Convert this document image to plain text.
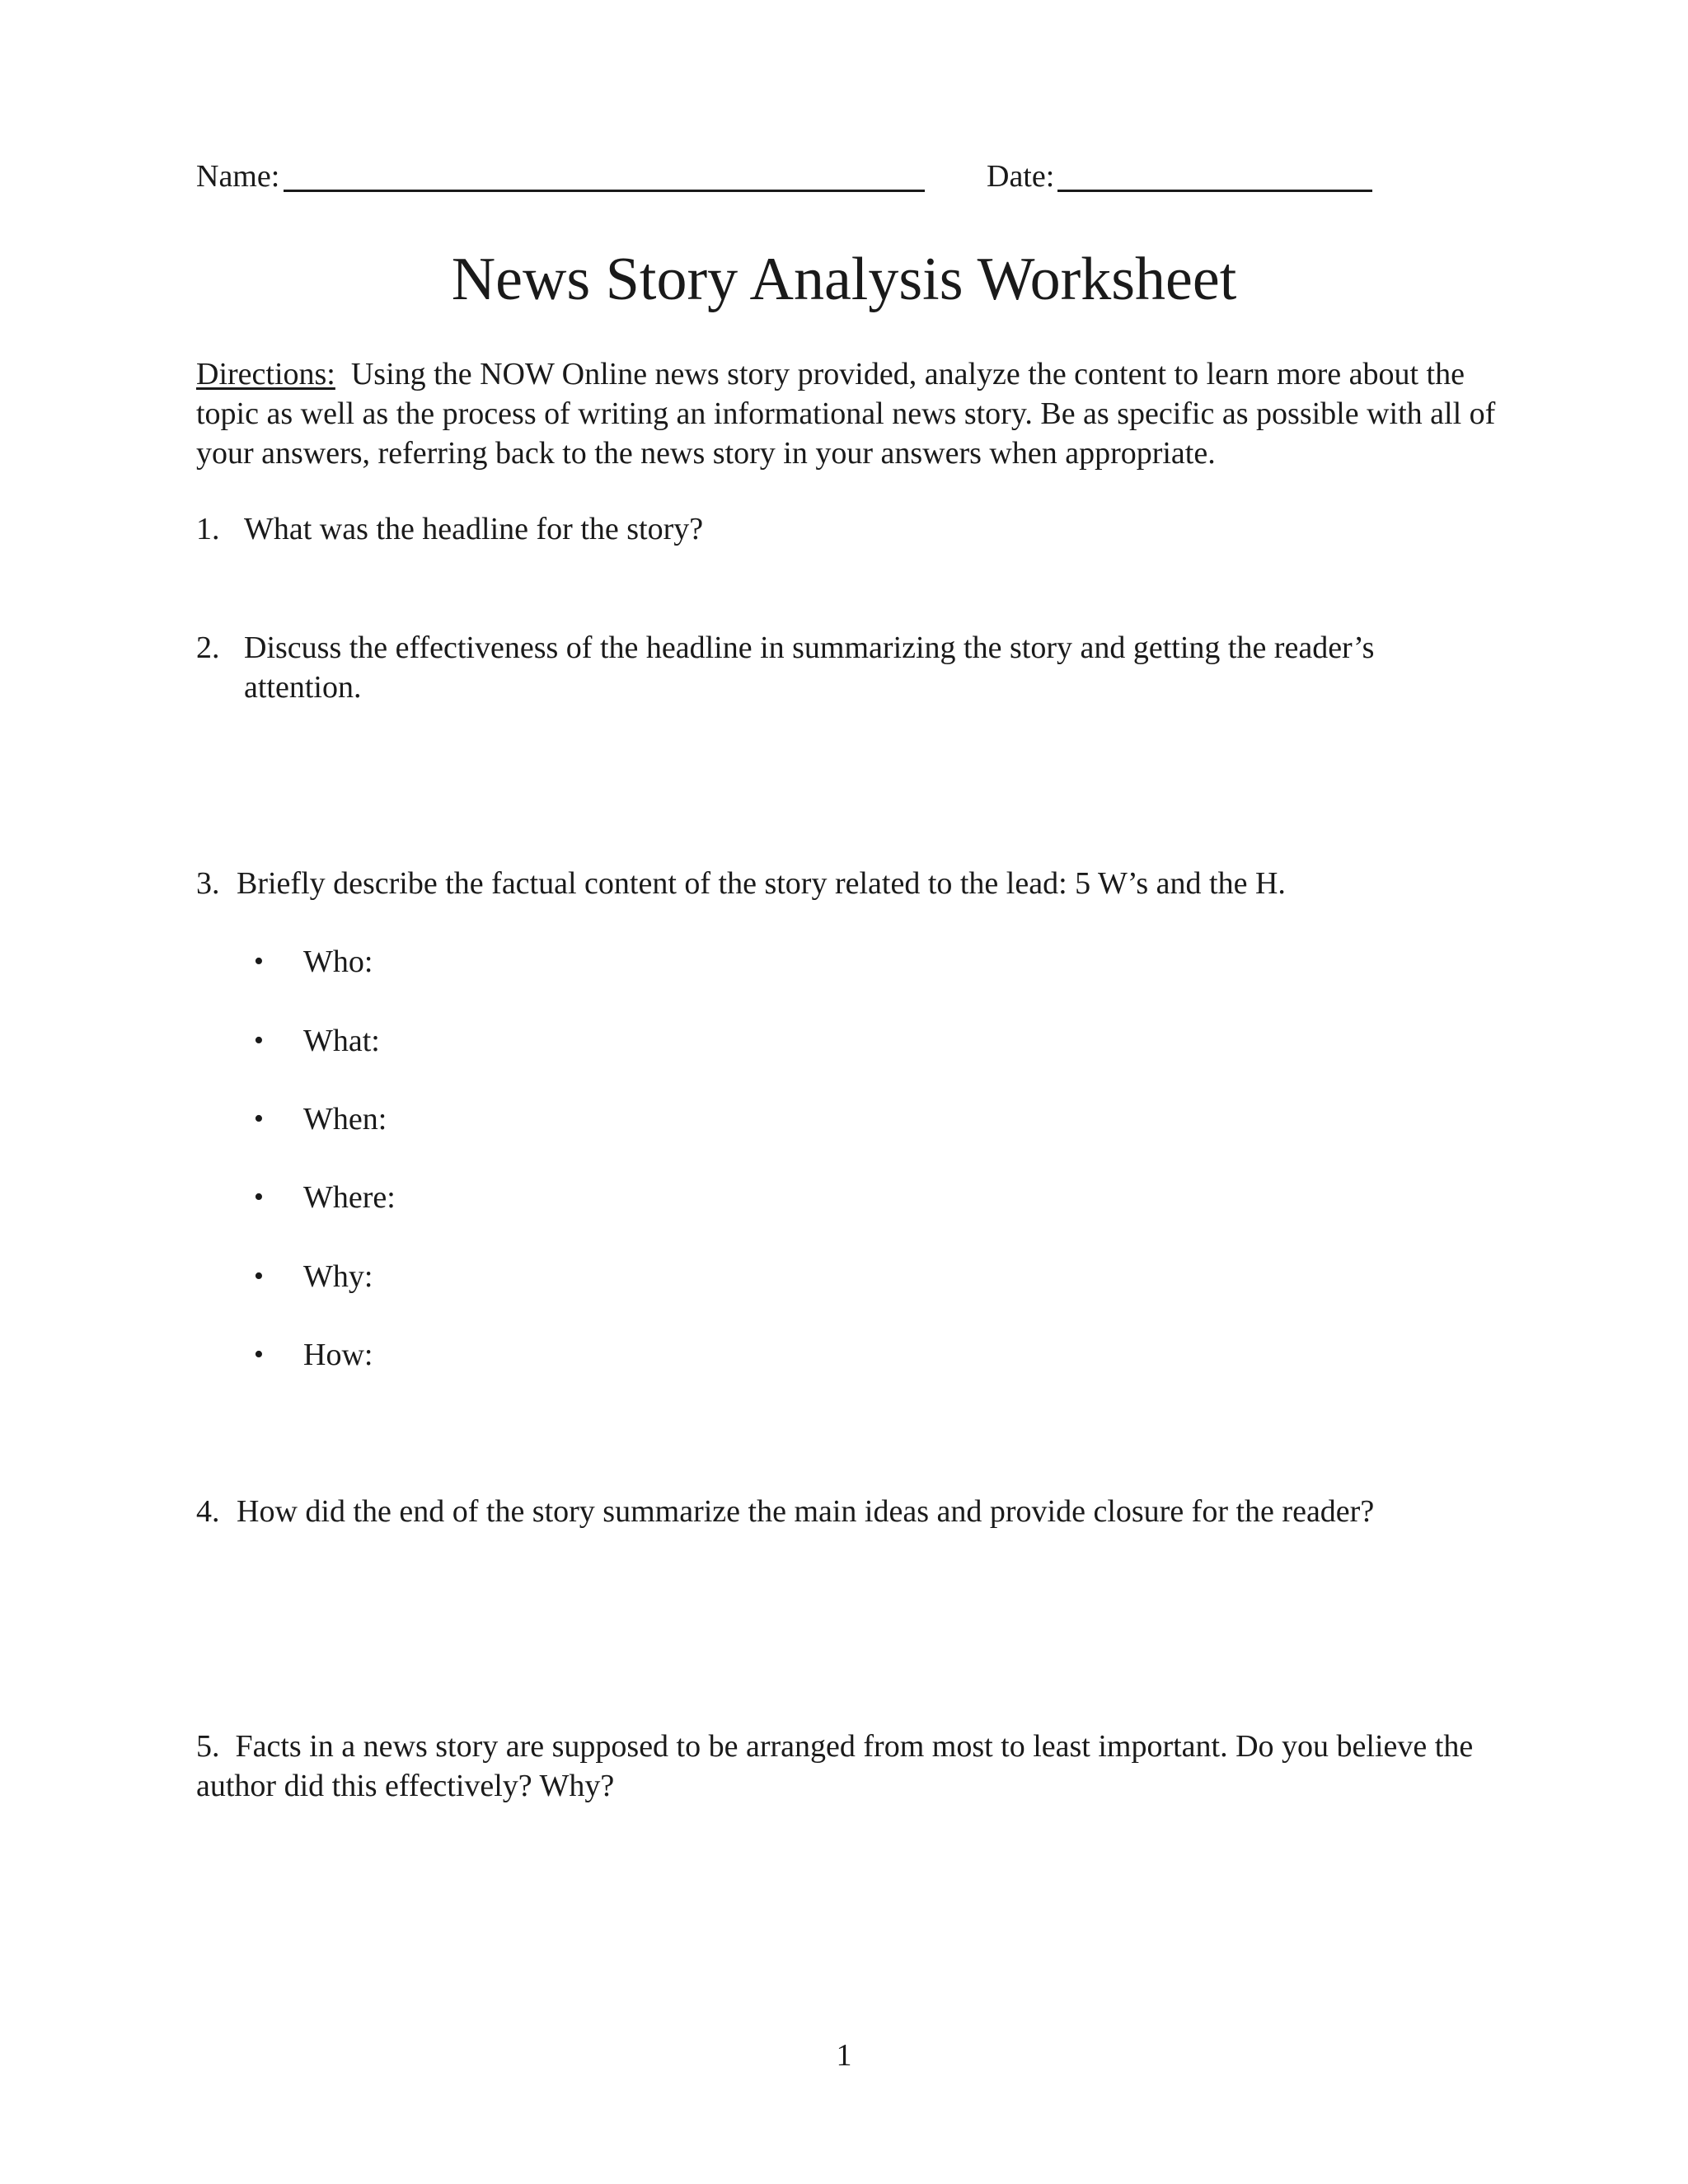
Name:	Date:
News Story Analysis Worksheet
Directions: Using the NOW Online news story provided, analyze the content to learn more about the topic as well as the process of writing an informational news story. Be as specific as possible with all of your answers, referring back to the news story in your answers when appropriate.
1. What was the headline for the story?
2. Discuss the effectiveness of the headline in summarizing the story and getting the reader’s attention.
3. Briefly describe the factual content of the story related to the lead: 5 W’s and the H.
• Who:
• What:
• When:
• Where:
• Why:
• How:
4. How did the end of the story summarize the main ideas and provide closure for the reader?
5. Facts in a news story are supposed to be arranged from most to least important. Do you believe the author did this effectively? Why?
1
